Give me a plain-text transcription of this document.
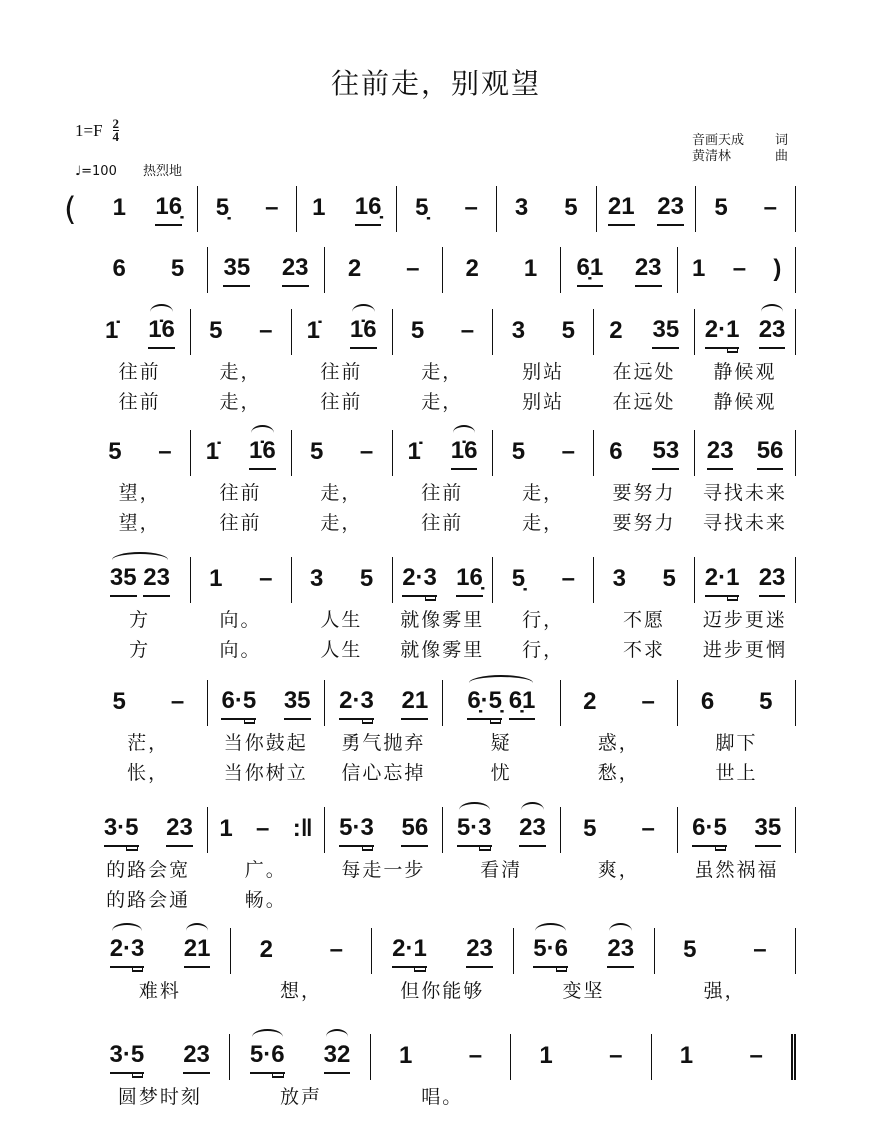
往前走，别观望
$1=F \frac{2}{4}$
♩=100 热烈地
音画天成 词
黄清林	曲
( 1 16̣ 5̣ – 1 16̣ 5̣ – 3 5 21 23 5 –
6 5 35 23 2 – 2 1 6̣1 23 1 – )
1̇ 1̇6 5 – 1̇ 1̇6 5 – 3 5 2 35 2· 1 23
往前	走，	往前	走，	别站	在远处 静候观
往前	走，	往前	走，	别站	在远处 静候观
5 – 1̇ 1̇6 5 – 1̇ 1̇6 5 – 6 53 23 56
望，	往前	走，	往前	走，	要努力 寻找未来
望，	往前	走，	往前	走，	要努力 寻找未来
35
23 1 – 3 5 2· 3 16̣ 5̣ – 3 5 2· 1 23
方	向。	人生 就像雾里 行，	不愿 迈步更迷
方	向。	人生 就像雾里 行，	不求 进步更惘
5 – 6· 5 35 2· 3 21 6̣· 5̣
6̣1 2 – 6 5
茫，	当你鼓起 勇气抛弃	疑	惑，	脚下
怅，	当你树立 信心忘掉	忧	愁，	世上
3· 5 23 1 – :‖ 5· 3 56 5· 3 23 5 – 6· 5 35
的路会宽	广。	每走一步	看清	爽，	虽然祸福
的路会通	畅。
2· 3 21 2 – 2· 1 23 5· 6 23 5 –
难料	想，	但你能够	变坚	强，
3· 5 23 5· 6 32 1 – 1 – 1 –
圆梦时刻	放声	唱。
